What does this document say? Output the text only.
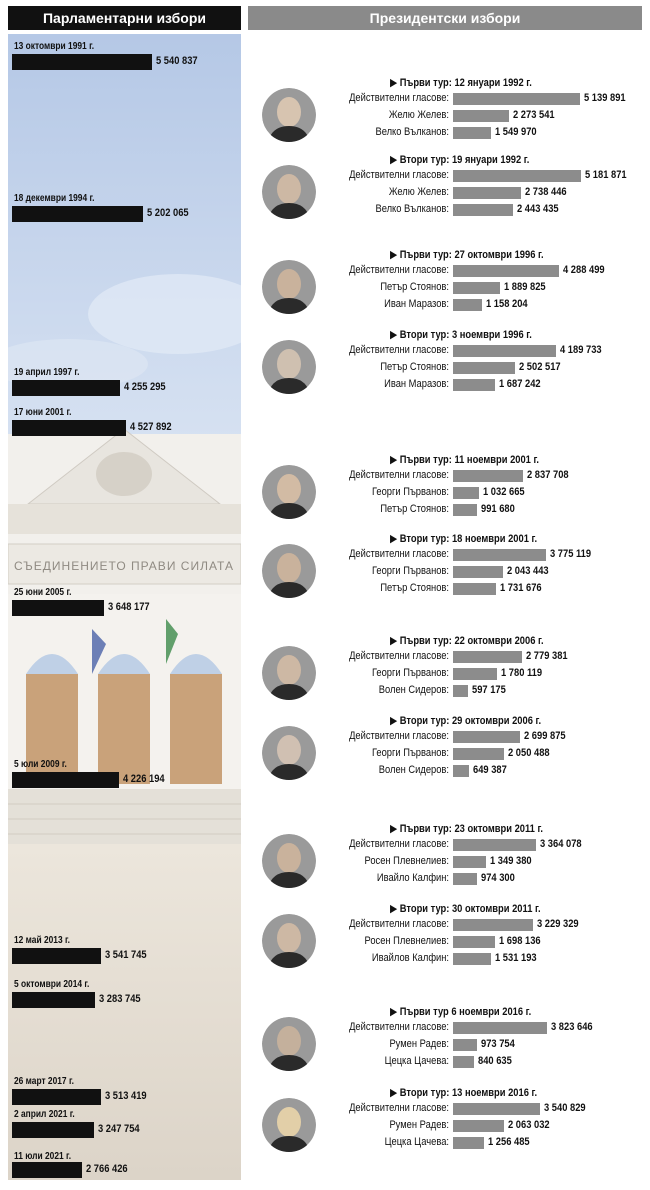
Парламентарни избори	Президентски избори
СЪЕДИНЕНИЕТО ПРАВИ СИЛАТА
13 октомври 1991 г.
5 540 837
18 декември 1994 г.
5 202 065
19 април 1997 г.
4 255 295
17 юни 2001 г.
4 527 892
25 юни 2005 г.
3 648 177
5 юли 2009 г.
4 226 194
12 май 2013 г.
3 541 745
5 октомври 2014 г.
3 283 745
26 март 2017 г.
3 513 419
2 април 2021 г.
3 247 754
11 юли 2021 г.
2 766 426
▶ Първи тур: 12 януари 1992 г.
Действителни гласове:	5 139 891
Желю Желев:	2 273 541
Велко Вълканов:	1 549 970
▶ Втори тур: 19 януари 1992 г.
Действителни гласове:	5 181 871
Желю Желев:	2 738 446
Велко Вълканов:	2 443 435
▶ Първи тур: 27 октомври 1996 г.
Действителни гласове:	4 288 499
Петър Стоянов:	1 889 825
Иван Маразов:	1 158 204
▶ Втори тур: 3 ноември 1996 г.
Действителни гласове:	4 189 733
Петър Стоянов:	2 502 517
Иван Маразов:	1 687 242
▶ Първи тур: 11 ноември 2001 г.
Действителни гласове:	2 837 708
Георги Първанов:	1 032 665
Петър Стоянов:	991 680
▶ Втори тур: 18 ноември 2001 г.
Действителни гласове:	3 775 119
Георги Първанов:	2 043 443
Петър Стоянов:	1 731 676
▶ Първи тур: 22 октомври 2006 г.
Действителни гласове:	2 779 381
Георги Първанов:	1 780 119
Волен Сидеров: 597 175
▶ Втори тур: 29 октомври 2006 г.
Действителни гласове:	2 699 875
Георги Първанов:	2 050 488
Волен Сидеров: 649 387
▶ Първи тур: 23 октомври 2011 г.
Действителни гласове:	3 364 078
Росен Плевнелиев:	1 349 380
Ивайло Калфин:	974 300
▶ Втори тур: 30 октомври 2011 г.
Действителни гласове:	3 229 329
Росен Плевнелиев:	1 698 136
Ивайлов Калфин:	1 531 193
▶ Първи тур 6 ноември 2016 г.
Действителни гласове:	3 823 646
Румен Радев:	973 754
Цецка Цачева:	840 635
▶ Втори тур: 13 ноември 2016 г.
Действителни гласове:	3 540 829
Румен Радев:	2 063 032
Цецка Цачева:	1 256 485
